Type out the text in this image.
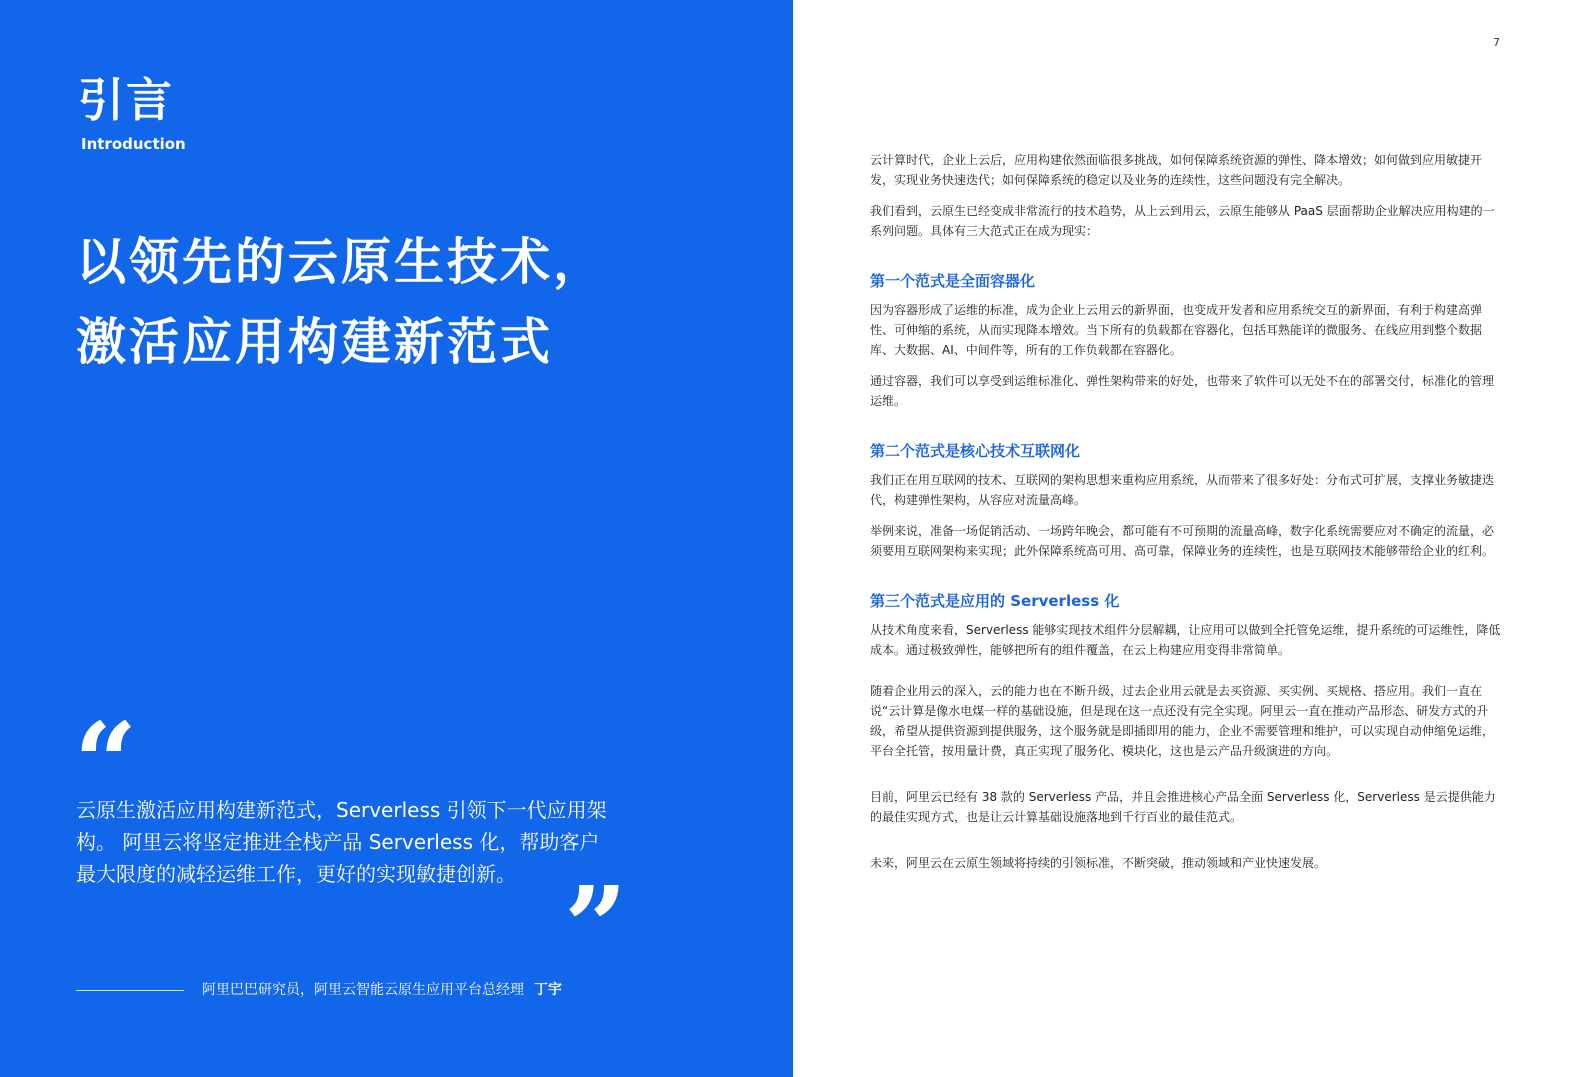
引言
Introduction
以领先的云原生技术，
激活应用构建新范式
“

云原生激活应用构建新范式，Serverless 引领下一代应用架构。 阿里云将坚定推进全栈产品 Serverless 化，帮助客户最大限度的减轻运维工作，更好的实现敏捷创新。 ”
阿里巴巴研究员，阿里云智能云原生应用平台总经理 丁宇
7

云计算时代，企业上云后，应用构建依然面临很多挑战，如何保障系统资源的弹性、降本增效；如何做到应用敏捷开发，实现业务快速迭代；如何保障系统的稳定以及业务的连续性，这些问题没有完全解决。

我们看到，云原生已经变成非常流行的技术趋势，从上云到用云，云原生能够从 PaaS 层面帮助企业解决应用构建的一系列问题。具体有三大范式正在成为现实：

第一个范式是全面容器化

因为容器形成了运维的标准，成为企业上云用云的新界面，也变成开发者和应用系统交互的新界面，有利于构建高弹性、可伸缩的系统，从而实现降本增效。当下所有的负载都在容器化，包括耳熟能详的微服务、在线应用到整个数据库、大数据、AI、中间件等，所有的工作负载都在容器化。

通过容器，我们可以享受到运维标准化、弹性架构带来的好处，也带来了软件可以无处不在的部署交付，标准化的管理运维。

第二个范式是核心技术互联网化

我们正在用互联网的技术、互联网的架构思想来重构应用系统，从而带来了很多好处：分布式可扩展，支撑业务敏捷迭代，构建弹性架构，从容应对流量高峰。

举例来说，准备一场促销活动、一场跨年晚会，都可能有不可预期的流量高峰，数字化系统需要应对不确定的流量，必须要用互联网架构来实现；此外保障系统高可用、高可靠，保障业务的连续性，也是互联网技术能够带给企业的红利。

第三个范式是应用的 Serverless 化

从技术角度来看，Serverless 能够实现技术组件分层解耦，让应用可以做到全托管免运维，提升系统的可运维性，降低成本。通过极致弹性，能够把所有的组件覆盖，在云上构建应用变得非常简单。

随着企业用云的深入，云的能力也在不断升级，过去企业用云就是去买资源、买实例、买规格、搭应用。我们一直在说“云计算是像水电煤一样的基础设施，但是现在这一点还没有完全实现。阿里云一直在推动产品形态、研发方式的升级，希望从提供资源到提供服务，这个服务就是即插即用的能力，企业不需要管理和维护，可以实现自动伸缩免运维，平台全托管，按用量计费，真正实现了服务化、模块化，这也是云产品升级演进的方向。

目前，阿里云已经有 38 款的 Serverless 产品，并且会推进核心产品全面 Serverless 化，Serverless 是云提供能力的最佳实现方式，也是让云计算基础设施落地到千行百业的最佳范式。

未来，阿里云在云原生领域将持续的引领标准，不断突破，推动领域和产业快速发展。
